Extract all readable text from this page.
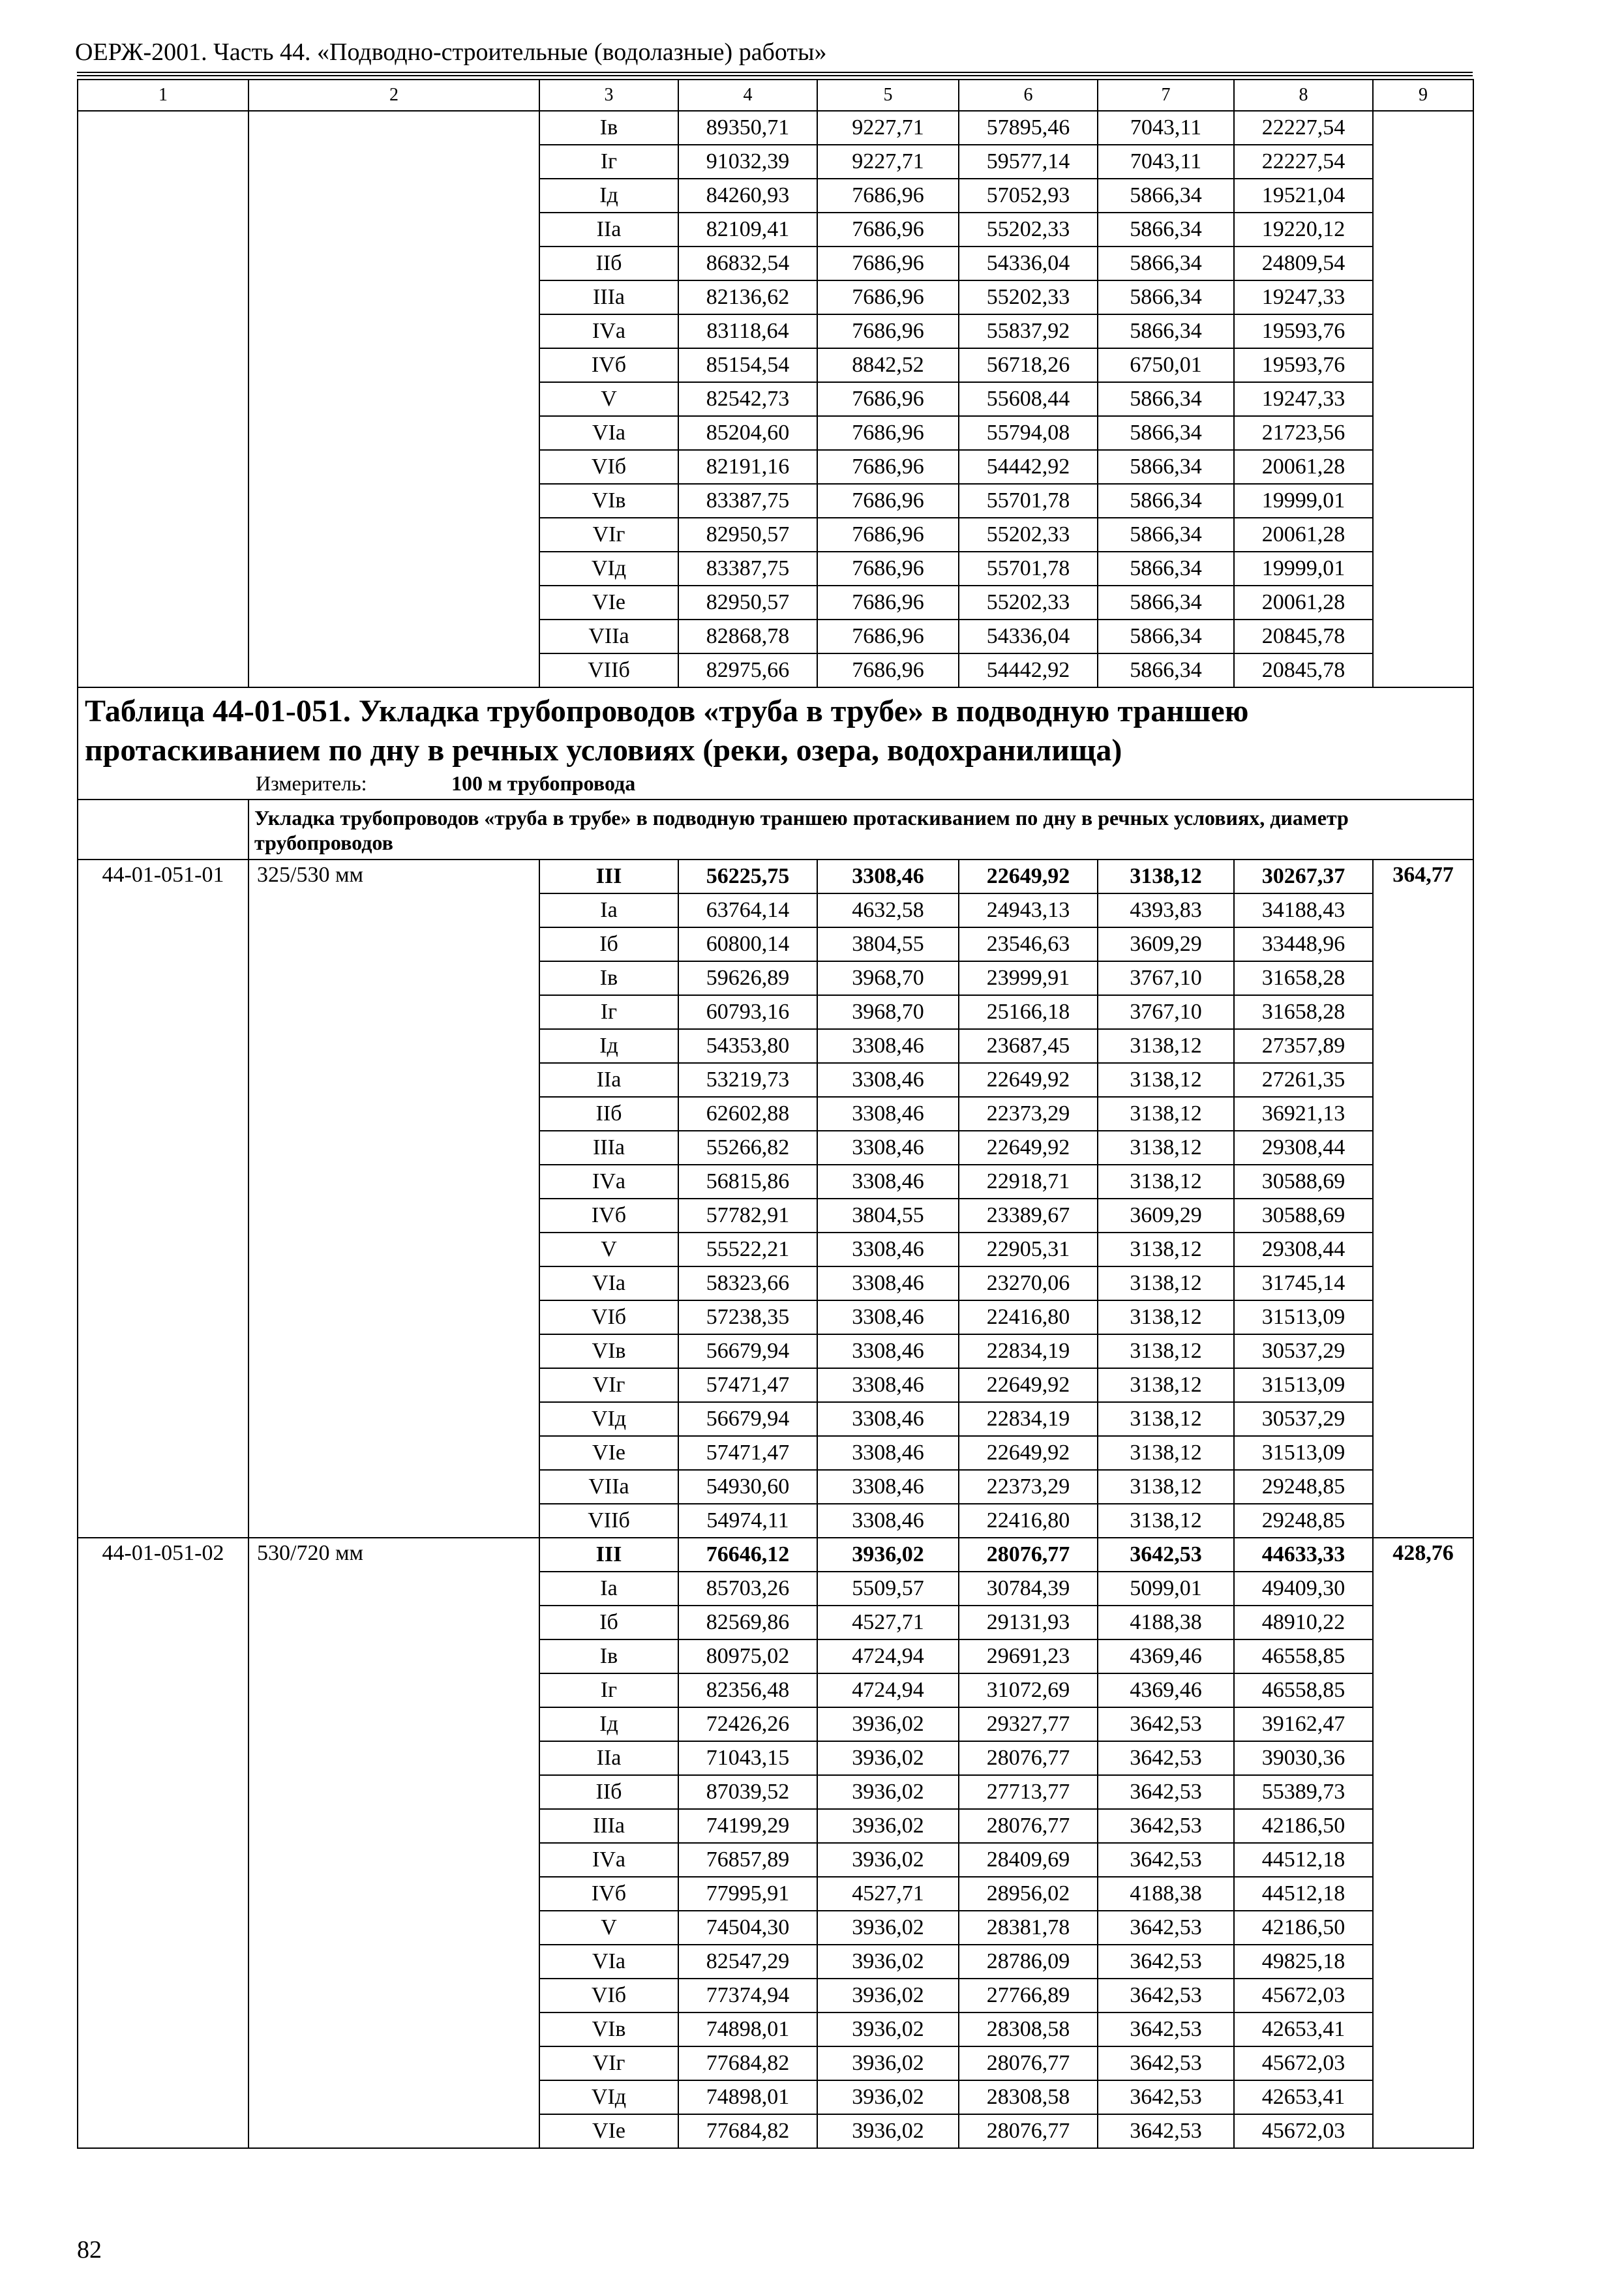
ОЕРЖ-2001. Часть 44. «Подводно-строительные (водолазные) работы»
1	2	3	4	5	6	7	8	9
		Iв	89350,71	9227,71	57895,46	7043,11	22227,54	
		Iг	91032,39	9227,71	59577,14	7043,11	22227,54	
		Iд	84260,93	7686,96	57052,93	5866,34	19521,04	
		IIа	82109,41	7686,96	55202,33	5866,34	19220,12	
		IIб	86832,54	7686,96	54336,04	5866,34	24809,54	
		IIIа	82136,62	7686,96	55202,33	5866,34	19247,33	
		IVа	83118,64	7686,96	55837,92	5866,34	19593,76	
		IVб	85154,54	8842,52	56718,26	6750,01	19593,76	
		V	82542,73	7686,96	55608,44	5866,34	19247,33	
		VIа	85204,60	7686,96	55794,08	5866,34	21723,56	
		VIб	82191,16	7686,96	54442,92	5866,34	20061,28	
		VIв	83387,75	7686,96	55701,78	5866,34	19999,01	
		VIг	82950,57	7686,96	55202,33	5866,34	20061,28	
		VIд	83387,75	7686,96	55701,78	5866,34	19999,01	
		VIе	82950,57	7686,96	55202,33	5866,34	20061,28	
		VIIа	82868,78	7686,96	54336,04	5866,34	20845,78	
		VIIб	82975,66	7686,96	54442,92	5866,34	20845,78	

Таблица 44-01-051. Укладка трубопроводов «труба в трубе» в подводную траншею
протаскиванием по дну в речных условиях (реки, озера, водохранилища)
Измеритель: 100 м трубопровода								

	Укладка трубопроводов «труба в трубе» в подводную траншею протаскиванием по дну в речных условиях, диаметр трубопроводов							
44-01-051-01	325/530 мм	III	56225,75	3308,46	22649,92	3138,12	30267,37	364,77
		Iа	63764,14	4632,58	24943,13	4393,83	34188,43	
		Iб	60800,14	3804,55	23546,63	3609,29	33448,96	
		Iв	59626,89	3968,70	23999,91	3767,10	31658,28	
		Iг	60793,16	3968,70	25166,18	3767,10	31658,28	
		Iд	54353,80	3308,46	23687,45	3138,12	27357,89	
		IIа	53219,73	3308,46	22649,92	3138,12	27261,35	
		IIб	62602,88	3308,46	22373,29	3138,12	36921,13	
		IIIа	55266,82	3308,46	22649,92	3138,12	29308,44	
		IVа	56815,86	3308,46	22918,71	3138,12	30588,69	
		IVб	57782,91	3804,55	23389,67	3609,29	30588,69	
		V	55522,21	3308,46	22905,31	3138,12	29308,44	
		VIа	58323,66	3308,46	23270,06	3138,12	31745,14	
		VIб	57238,35	3308,46	22416,80	3138,12	31513,09	
		VIв	56679,94	3308,46	22834,19	3138,12	30537,29	
		VIг	57471,47	3308,46	22649,92	3138,12	31513,09	
		VIд	56679,94	3308,46	22834,19	3138,12	30537,29	
		VIе	57471,47	3308,46	22649,92	3138,12	31513,09	
		VIIа	54930,60	3308,46	22373,29	3138,12	29248,85	
		VIIб	54974,11	3308,46	22416,80	3138,12	29248,85	
44-01-051-02	530/720 мм	III	76646,12	3936,02	28076,77	3642,53	44633,33	428,76
		Iа	85703,26	5509,57	30784,39	5099,01	49409,30	
		Iб	82569,86	4527,71	29131,93	4188,38	48910,22	
		Iв	80975,02	4724,94	29691,23	4369,46	46558,85	
		Iг	82356,48	4724,94	31072,69	4369,46	46558,85	
		Iд	72426,26	3936,02	29327,77	3642,53	39162,47	
		IIа	71043,15	3936,02	28076,77	3642,53	39030,36	
		IIб	87039,52	3936,02	27713,77	3642,53	55389,73	
		IIIа	74199,29	3936,02	28076,77	3642,53	42186,50	
		IVа	76857,89	3936,02	28409,69	3642,53	44512,18	
		IVб	77995,91	4527,71	28956,02	4188,38	44512,18	
		V	74504,30	3936,02	28381,78	3642,53	42186,50	
		VIа	82547,29	3936,02	28786,09	3642,53	49825,18	
		VIб	77374,94	3936,02	27766,89	3642,53	45672,03	
		VIв	74898,01	3936,02	28308,58	3642,53	42653,41	
		VIг	77684,82	3936,02	28076,77	3642,53	45672,03	
		VIд	74898,01	3936,02	28308,58	3642,53	42653,41	
		VIе	77684,82	3936,02	28076,77	3642,53	45672,03	
82
